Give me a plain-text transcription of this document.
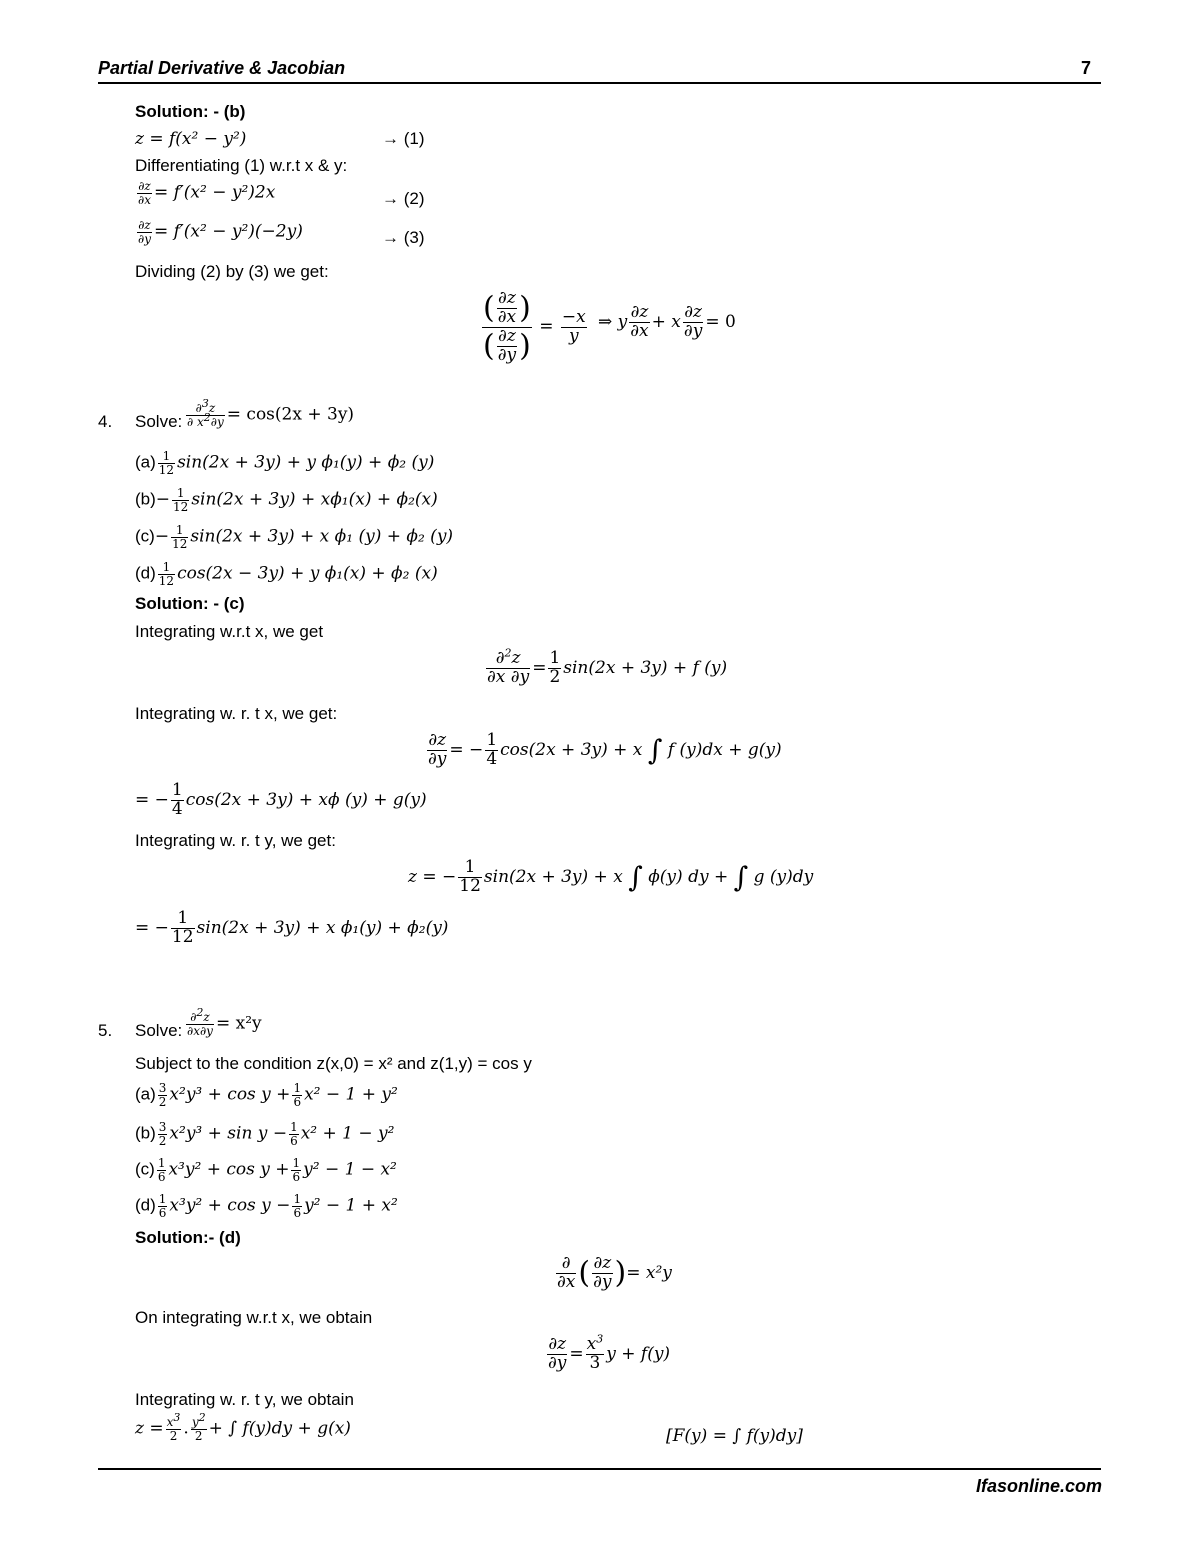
Partial Derivative & Jacobian	7
Solution: - (b)
z = f(x² − y²)	→ (1)
Differentiating (1) w.r.t x & y:
$\frac{\partial z}{\partial x} = f'(x^2 - y^2)2x$	→ (2)
$\frac{\partial z}{\partial y} = f'(x^2 - y^2)(-2y)$	→ (3)
Dividing (2) by (3) we get:
$\frac{( \frac{\partial z}{\partial x} )}{( \frac{\partial z}{\partial y} )} = \frac{-x}{y}$ ⇒ y $\frac{\partial z}{\partial x} + x \frac{\partial z}{\partial y} = 0$
4. Solve: $\frac{\partial^3z}{\partial x^2\partial y} = \cos(2x + 3y)$
$(a) \frac{1}{12} \sin(2x + 3y) + y$ ϕ₁(y) + ϕ₂ (y)
$(b)- \frac{1}{12} \sin(2x + 3y) + x\phi_1(x) + \phi_2(x)$
$(c)- \frac{1}{12} \sin(2x + 3y) + x$ ϕ₁ (y) + ϕ₂ (y)
$(d) \frac{1}{12} \cos(2x - 3y) + y$ ϕ₁(x) + ϕ₂ (x)
Solution: - (c)
Integrating w.r.t x, we get
$\frac{\partial^2z}{\partial x \partial y} = \frac{1}{2} \sin(2x + 3y) + f$ (y)
Integrating w. r. t x, we get:
$\frac{\partial z}{\partial y}$ = − $\frac{1}{4} \cos(2x + 3y) + x$ ∫ f (y)dx + g(y)
= − $\frac{1}{4} \cos(2x + 3y) + x\phi$ (y) + g(y)
Integrating w. r. t y, we get:
z = − $\frac{1}{12} \sin(2x + 3y) + x$ ∫ ϕ(y) dy + ∫ g (y)dy
= − $\frac{1}{12} \sin(2x + 3y) + x$ ϕ₁(y) + ϕ₂(y)
5. Solve: $\frac{\partial^2z}{\partial x\partial y} = x^2y$
Subject to the condition z(x,0) = x² and z(1,y) = cos y
$(a) \frac{3}{2} x^2y^3 + \cos y + \frac{1}{6} x^2 - 1 + y^2$
$(b) \frac{3}{2} x^2y^3 + \sin y - \frac{1}{6} x^2 + 1 - y^2$
$(c) \frac{1}{6} x^3y^2 + \cos y + \frac{1}{6} y^2 - 1 - x^2$
$(d) \frac{1}{6} x^3y^2 + \cos y - \frac{1}{6} y^2 - 1 + x^2$
Solution:- (d)
$\frac{\partial}{\partial x}$ ( $\frac{\partial z}{\partial y}$ )= x²y
On integrating w.r.t x, we obtain
$\frac{\partial z}{\partial y} = \frac{x^3}{3}$ y + f(y)
Integrating w. r. t y, we obtain
$z = \frac{x^3}{2}$ . $\frac{y^2}{2}$ + ∫ f(y)dy + g(x)	[F(y) = ∫ f(y)dy]
Ifasonline.com
